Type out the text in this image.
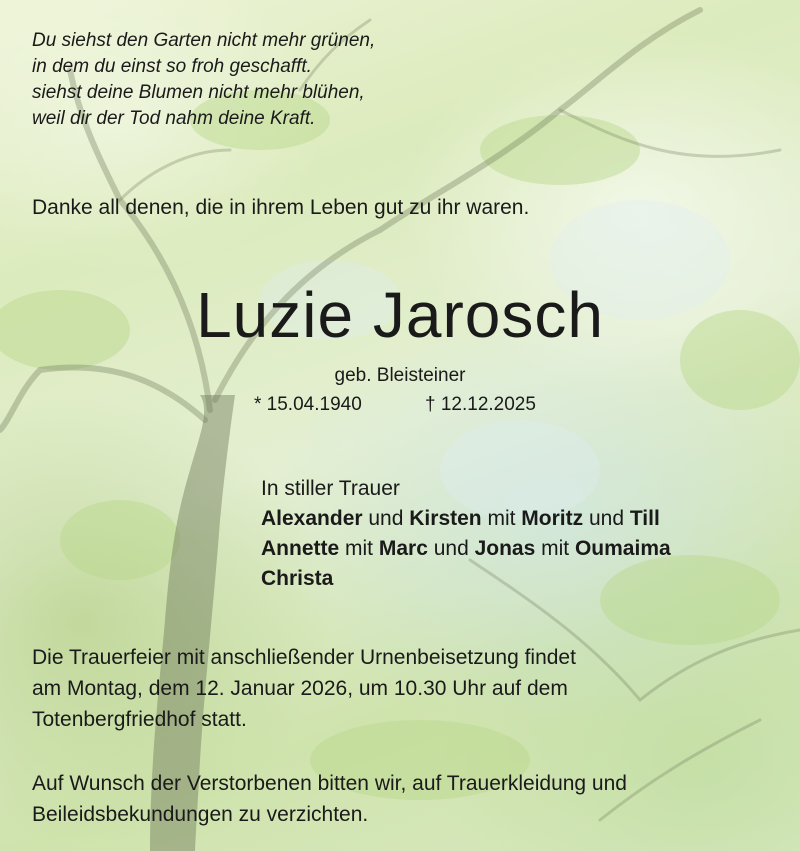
Du siehst den Garten nicht mehr grünen,
in dem du einst so froh geschafft.
siehst deine Blumen nicht mehr blühen,
weil dir der Tod nahm deine Kraft.
Danke all denen, die in ihrem Leben gut zu ihr waren.
Luzie Jarosch
geb. Bleisteiner
* 15.04.1940	† 12.12.2025
In stiller Trauer
Alexander und Kirsten mit Moritz und Till
Annette mit Marc und Jonas mit Oumaima
Christa
Die Trauerfeier mit anschließender Urnenbeisetzung findet
am Montag, dem 12. Januar 2026, um 10.30 Uhr auf dem
Totenbergfriedhof statt.
Auf Wunsch der Verstorbenen bitten wir, auf Trauerkleidung und
Beileidsbekundungen zu verzichten.
